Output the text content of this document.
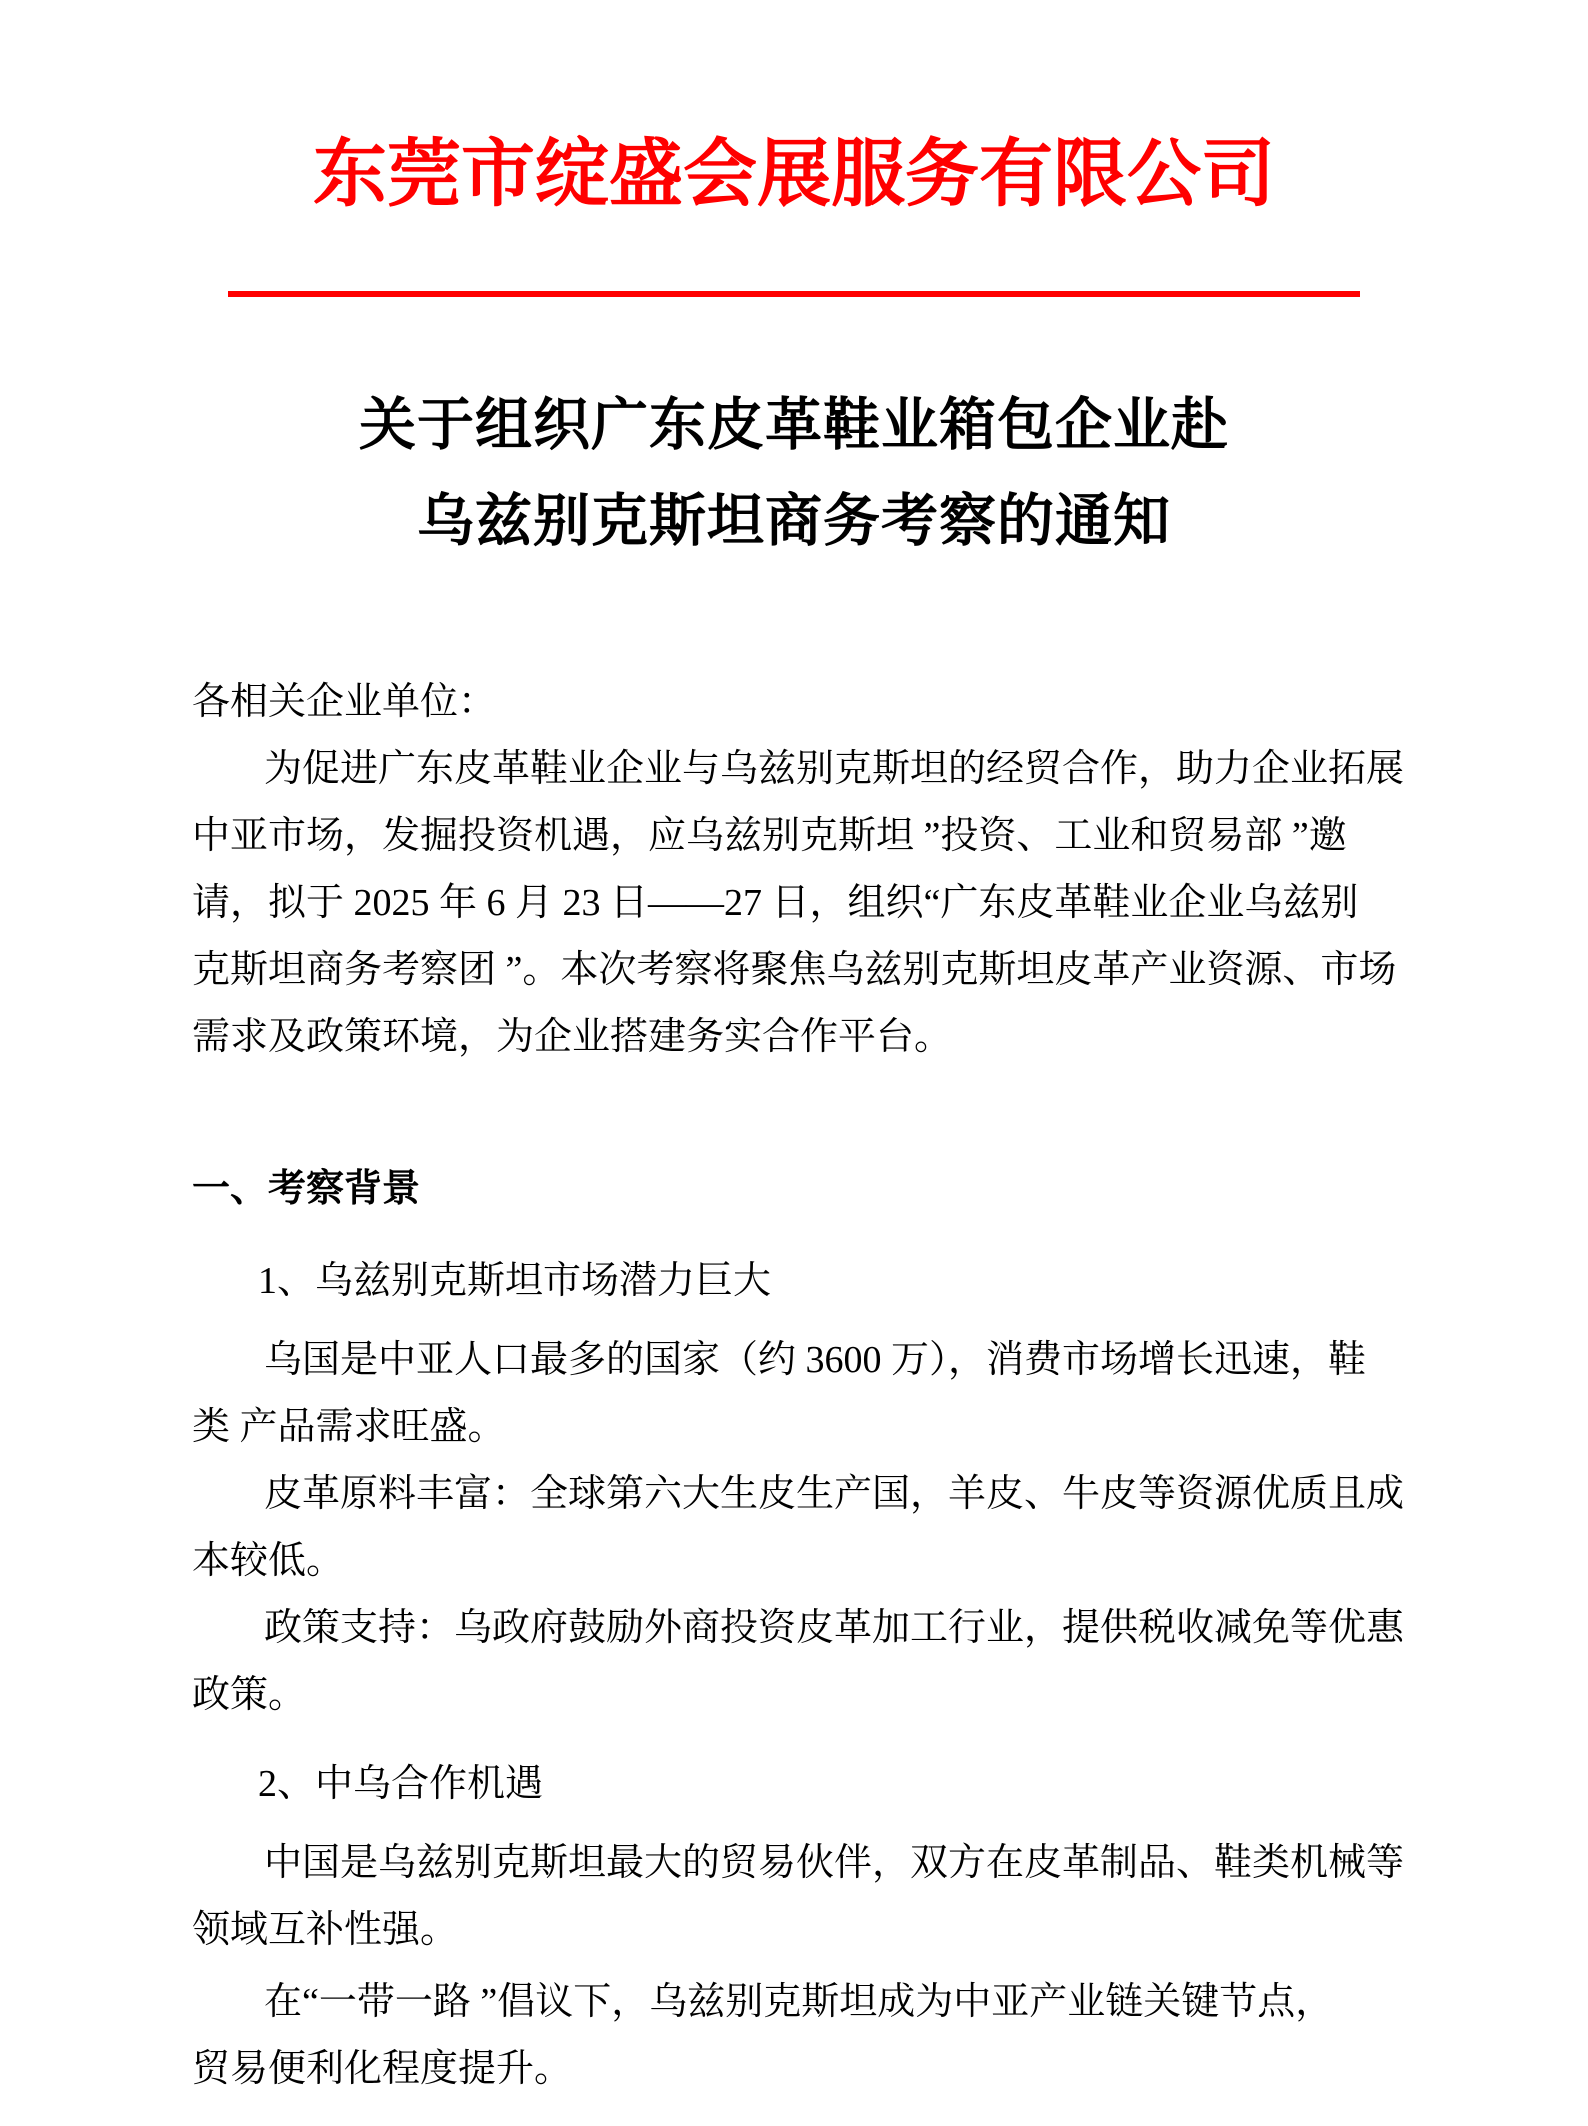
东莞市绽盛会展服务有限公司
关于组织广东皮革鞋业箱包企业赴
乌兹别克斯坦商务考察的通知
各相关企业单位：
为促进广东皮革鞋业企业与乌兹别克斯坦的经贸合作，助力企业拓展
中亚市场，发掘投资机遇，应乌兹别克斯坦 ”投资、工业和贸易部 ”邀
请，拟于 2025 年 6 月 23 日——27 日，组织“广东皮革鞋业企业乌兹别
克斯坦商务考察团 ”。本次考察将聚焦乌兹别克斯坦皮革产业资源、市场
需求及政策环境，为企业搭建务实合作平台。
一、考察背景
1、乌兹别克斯坦市场潜力巨大
乌国是中亚人口最多的国家（约 3600 万），消费市场增长迅速，鞋
类 产品需求旺盛。
皮革原料丰富：全球第六大生皮生产国，羊皮、牛皮等资源优质且成
本较低。
政策支持：乌政府鼓励外商投资皮革加工行业，提供税收减免等优惠
政策。
2、中乌合作机遇
中国是乌兹别克斯坦最大的贸易伙伴，双方在皮革制品、鞋类机械等
领域互补性强。
在“一带一路 ”倡议下，乌兹别克斯坦成为中亚产业链关键节点，
贸易便利化程度提升。
